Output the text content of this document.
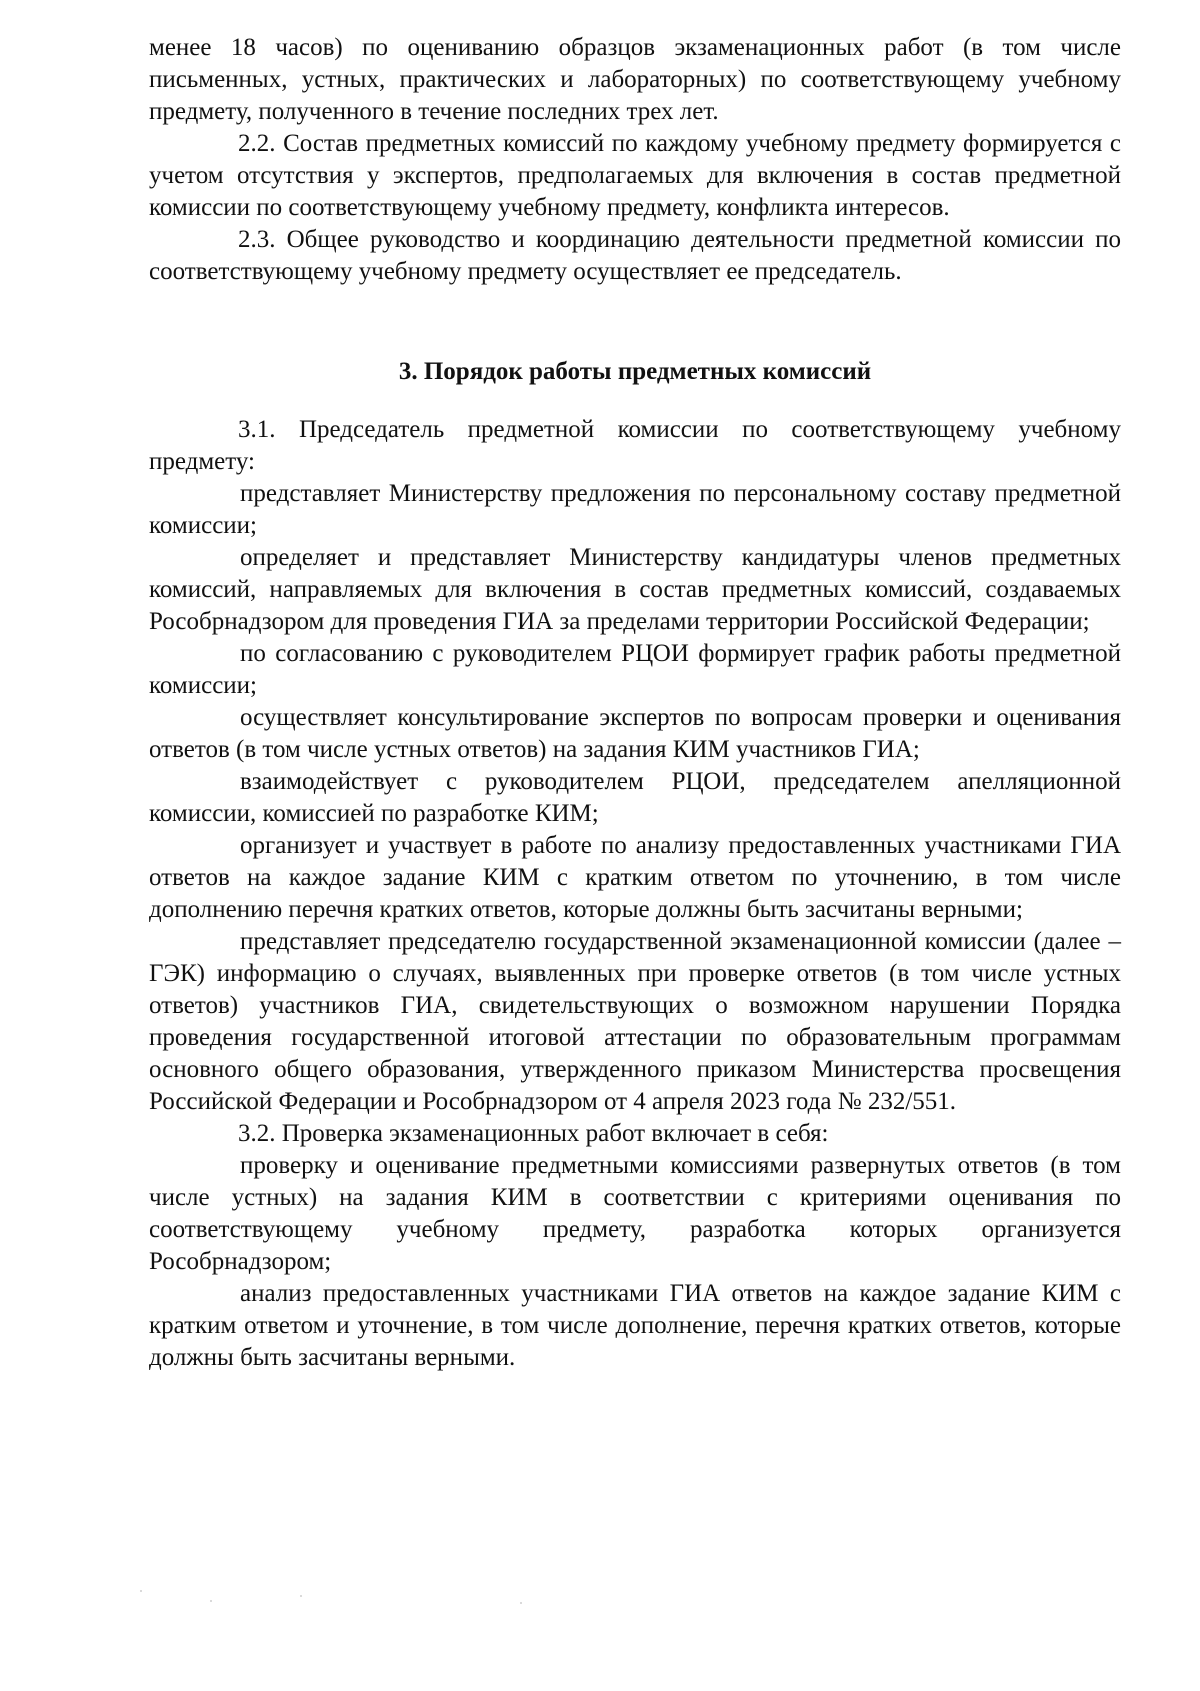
менее 18 часов) по оцениванию образцов экзаменационных работ (в том числе письменных, устных, практических и лабораторных) по соответствующему учебному предмету, полученного в течение последних трех лет.

2.2. Состав предметных комиссий по каждому учебному предмету формируется с учетом отсутствия у экспертов, предполагаемых для включения в состав предметной комиссии по соответствующему учебному предмету, конфликта интересов.

2.3. Общее руководство и координацию деятельности предметной комиссии по соответствующему учебному предмету осуществляет ее председатель.

3. Порядок работы предметных комиссий

3.1. Председатель предметной комиссии по соответствующему учебному предмету:

представляет Министерству предложения по персональному составу предметной комиссии;

определяет и представляет Министерству кандидатуры членов предметных комиссий, направляемых для включения в состав предметных комиссий, создаваемых Рособрнадзором для проведения ГИА за пределами территории Российской Федерации;

по согласованию с руководителем РЦОИ формирует график работы предметной комиссии;

осуществляет консультирование экспертов по вопросам проверки и оценивания ответов (в том числе устных ответов) на задания КИМ участников ГИА;

взаимодействует с руководителем РЦОИ, председателем апелляционной комиссии, комиссией по разработке КИМ;

организует и участвует в работе по анализу предоставленных участниками ГИА ответов на каждое задание КИМ с кратким ответом по уточнению, в том числе дополнению перечня кратких ответов, которые должны быть засчитаны верными;

представляет председателю государственной экзаменационной комиссии (далее – ГЭК) информацию о случаях, выявленных при проверке ответов (в том числе устных ответов) участников ГИА, свидетельствующих о возможном нарушении Порядка проведения государственной итоговой аттестации по образовательным программам основного общего образования, утвержденного приказом Министерства просвещения Российской Федерации и Рособрнадзором от 4 апреля 2023 года № 232/551.

3.2. Проверка экзаменационных работ включает в себя:

проверку и оценивание предметными комиссиями развернутых ответов (в том числе устных) на задания КИМ в соответствии с критериями оценивания по соответствующему учебному предмету, разработка которых организуется Рособрнадзором;

анализ предоставленных участниками ГИА ответов на каждое задание КИМ с кратким ответом и уточнение, в том числе дополнение, перечня кратких ответов, которые должны быть засчитаны верными.
